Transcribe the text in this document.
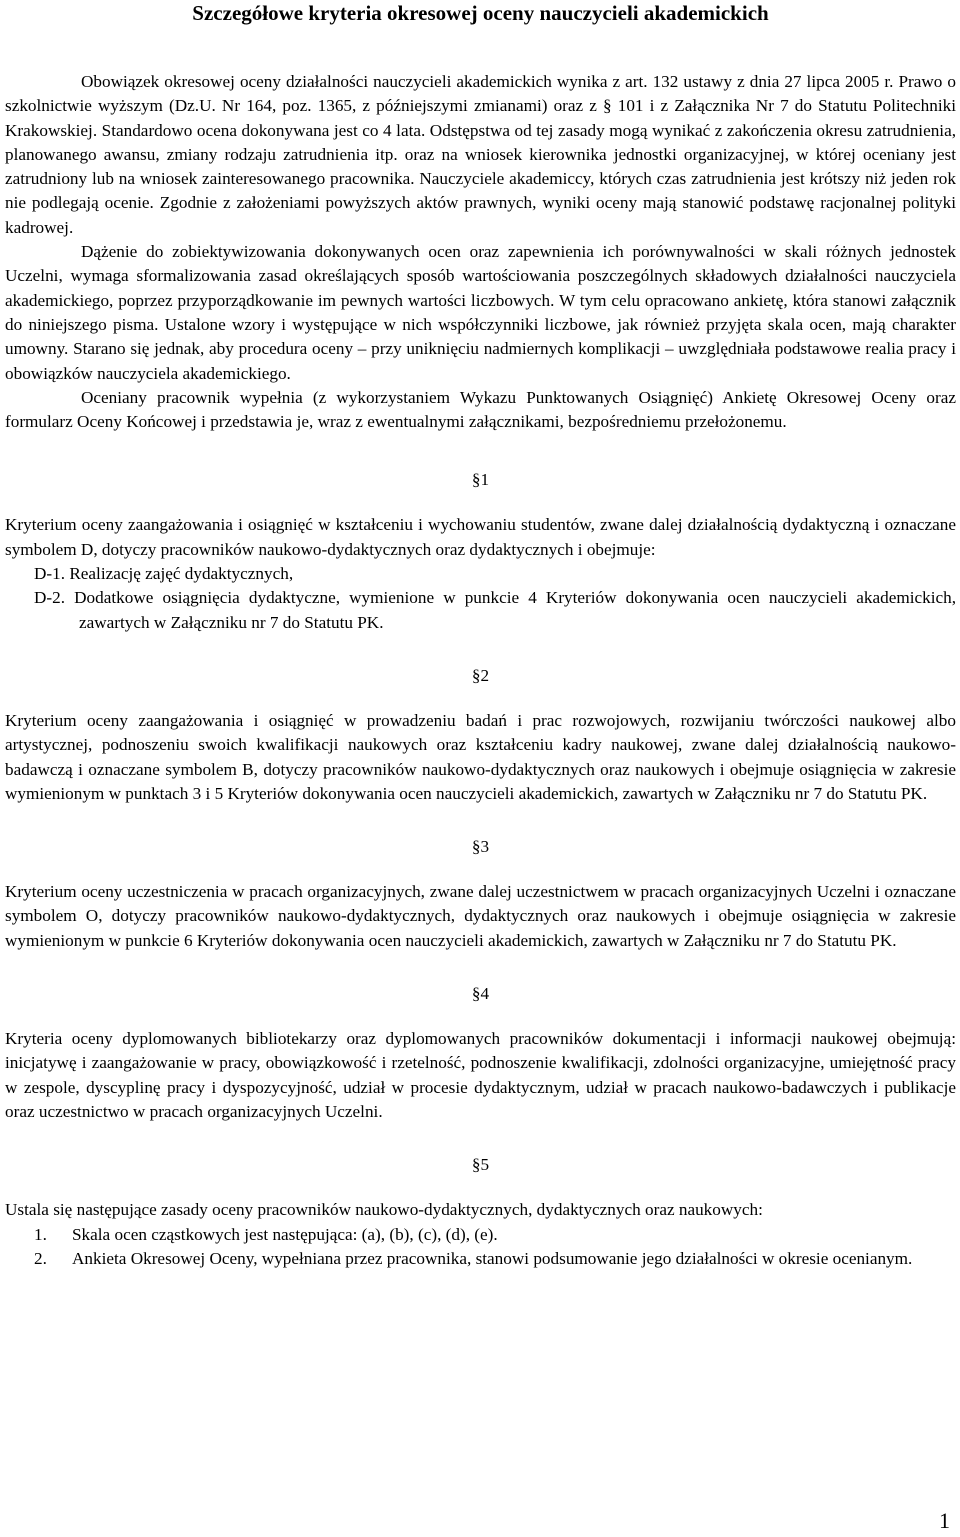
Szczegółowe kryteria okresowej oceny nauczycieli akademickich

Obowiązek okresowej oceny działalności nauczycieli akademickich wynika z art. 132 ustawy z dnia 27 lipca 2005 r. Prawo o szkolnictwie wyższym (Dz.U. Nr 164, poz. 1365, z późniejszymi zmianami) oraz z § 101 i z Załącznika Nr 7 do Statutu Politechniki Krakowskiej. Standardowo ocena dokonywana jest co 4 lata. Odstępstwa od tej zasady mogą wynikać z zakończenia okresu zatrudnienia, planowanego awansu, zmiany rodzaju zatrudnienia itp. oraz na wniosek kierownika jednostki organizacyjnej, w której oceniany jest zatrudniony lub na wniosek zainteresowanego pracownika. Nauczyciele akademiccy, których czas zatrudnienia jest krótszy niż jeden rok nie podlegają ocenie. Zgodnie z założeniami powyższych aktów prawnych, wyniki oceny mają stanowić podstawę racjonalnej polityki kadrowej.

Dążenie do zobiektywizowania dokonywanych ocen oraz zapewnienia ich porównywalności w skali różnych jednostek Uczelni, wymaga sformalizowania zasad określających sposób wartościowania poszczególnych składowych działalności nauczyciela akademickiego, poprzez przyporządkowanie im pewnych wartości liczbowych. W tym celu opracowano ankietę, która stanowi załącznik do niniejszego pisma. Ustalone wzory i występujące w nich współczynniki liczbowe, jak również przyjęta skala ocen, mają charakter umowny. Starano się jednak, aby procedura oceny – przy uniknięciu nadmiernych komplikacji – uwzględniała podstawowe realia pracy i obowiązków nauczyciela akademickiego.

Oceniany pracownik wypełnia (z wykorzystaniem Wykazu Punktowanych Osiągnięć) Ankietę Okresowej Oceny oraz formularz Oceny Końcowej i przedstawia je, wraz z ewentualnymi załącznikami, bezpośredniemu przełożonemu.

§1

Kryterium oceny zaangażowania i osiągnięć w kształceniu i wychowaniu studentów, zwane dalej działalnością dydaktyczną i oznaczane symbolem D, dotyczy pracowników naukowo-dydaktycznych oraz dydaktycznych i obejmuje:

D-1. Realizację zajęć dydaktycznych,
D-2. Dodatkowe osiągnięcia dydaktyczne, wymienione w punkcie 4 Kryteriów dokonywania ocen nauczycieli akademickich, zawartych w Załączniku nr 7 do Statutu PK.
§2

Kryterium oceny zaangażowania i osiągnięć w prowadzeniu badań i prac rozwojowych, rozwijaniu twórczości naukowej albo artystycznej, podnoszeniu swoich kwalifikacji naukowych oraz kształceniu kadry naukowej, zwane dalej działalnością naukowo-badawczą i oznaczane symbolem B, dotyczy pracowników naukowo-dydaktycznych oraz naukowych i obejmuje osiągnięcia w zakresie wymienionym w punktach 3 i 5 Kryteriów dokonywania ocen nauczycieli akademickich, zawartych w Załączniku nr 7 do Statutu PK.

§3

Kryterium oceny uczestniczenia w pracach organizacyjnych, zwane dalej uczestnictwem w pracach organizacyjnych Uczelni i oznaczane symbolem O, dotyczy pracowników naukowo-dydaktycznych, dydaktycznych oraz naukowych i obejmuje osiągnięcia w zakresie wymienionym w punkcie 6 Kryteriów dokonywania ocen nauczycieli akademickich, zawartych w Załączniku nr 7 do Statutu PK.

§4

Kryteria oceny dyplomowanych bibliotekarzy oraz dyplomowanych pracowników dokumentacji i informacji naukowej obejmują: inicjatywę i zaangażowanie w pracy, obowiązkowość i rzetelność, podnoszenie kwalifikacji, zdolności organizacyjne, umiejętność pracy w zespole, dyscyplinę pracy i dyspozycyjność, udział w procesie dydaktycznym, udział w pracach naukowo-badawczych i publikacje oraz uczestnictwo w pracach organizacyjnych Uczelni.

§5

Ustala się następujące zasady oceny pracowników naukowo-dydaktycznych, dydaktycznych oraz naukowych:

1. Skala ocen cząstkowych jest następująca: (a), (b), (c), (d), (e).
2. Ankieta Okresowej Oceny, wypełniana przez pracownika, stanowi podsumowanie jego działalności w okresie ocenianym.
1
